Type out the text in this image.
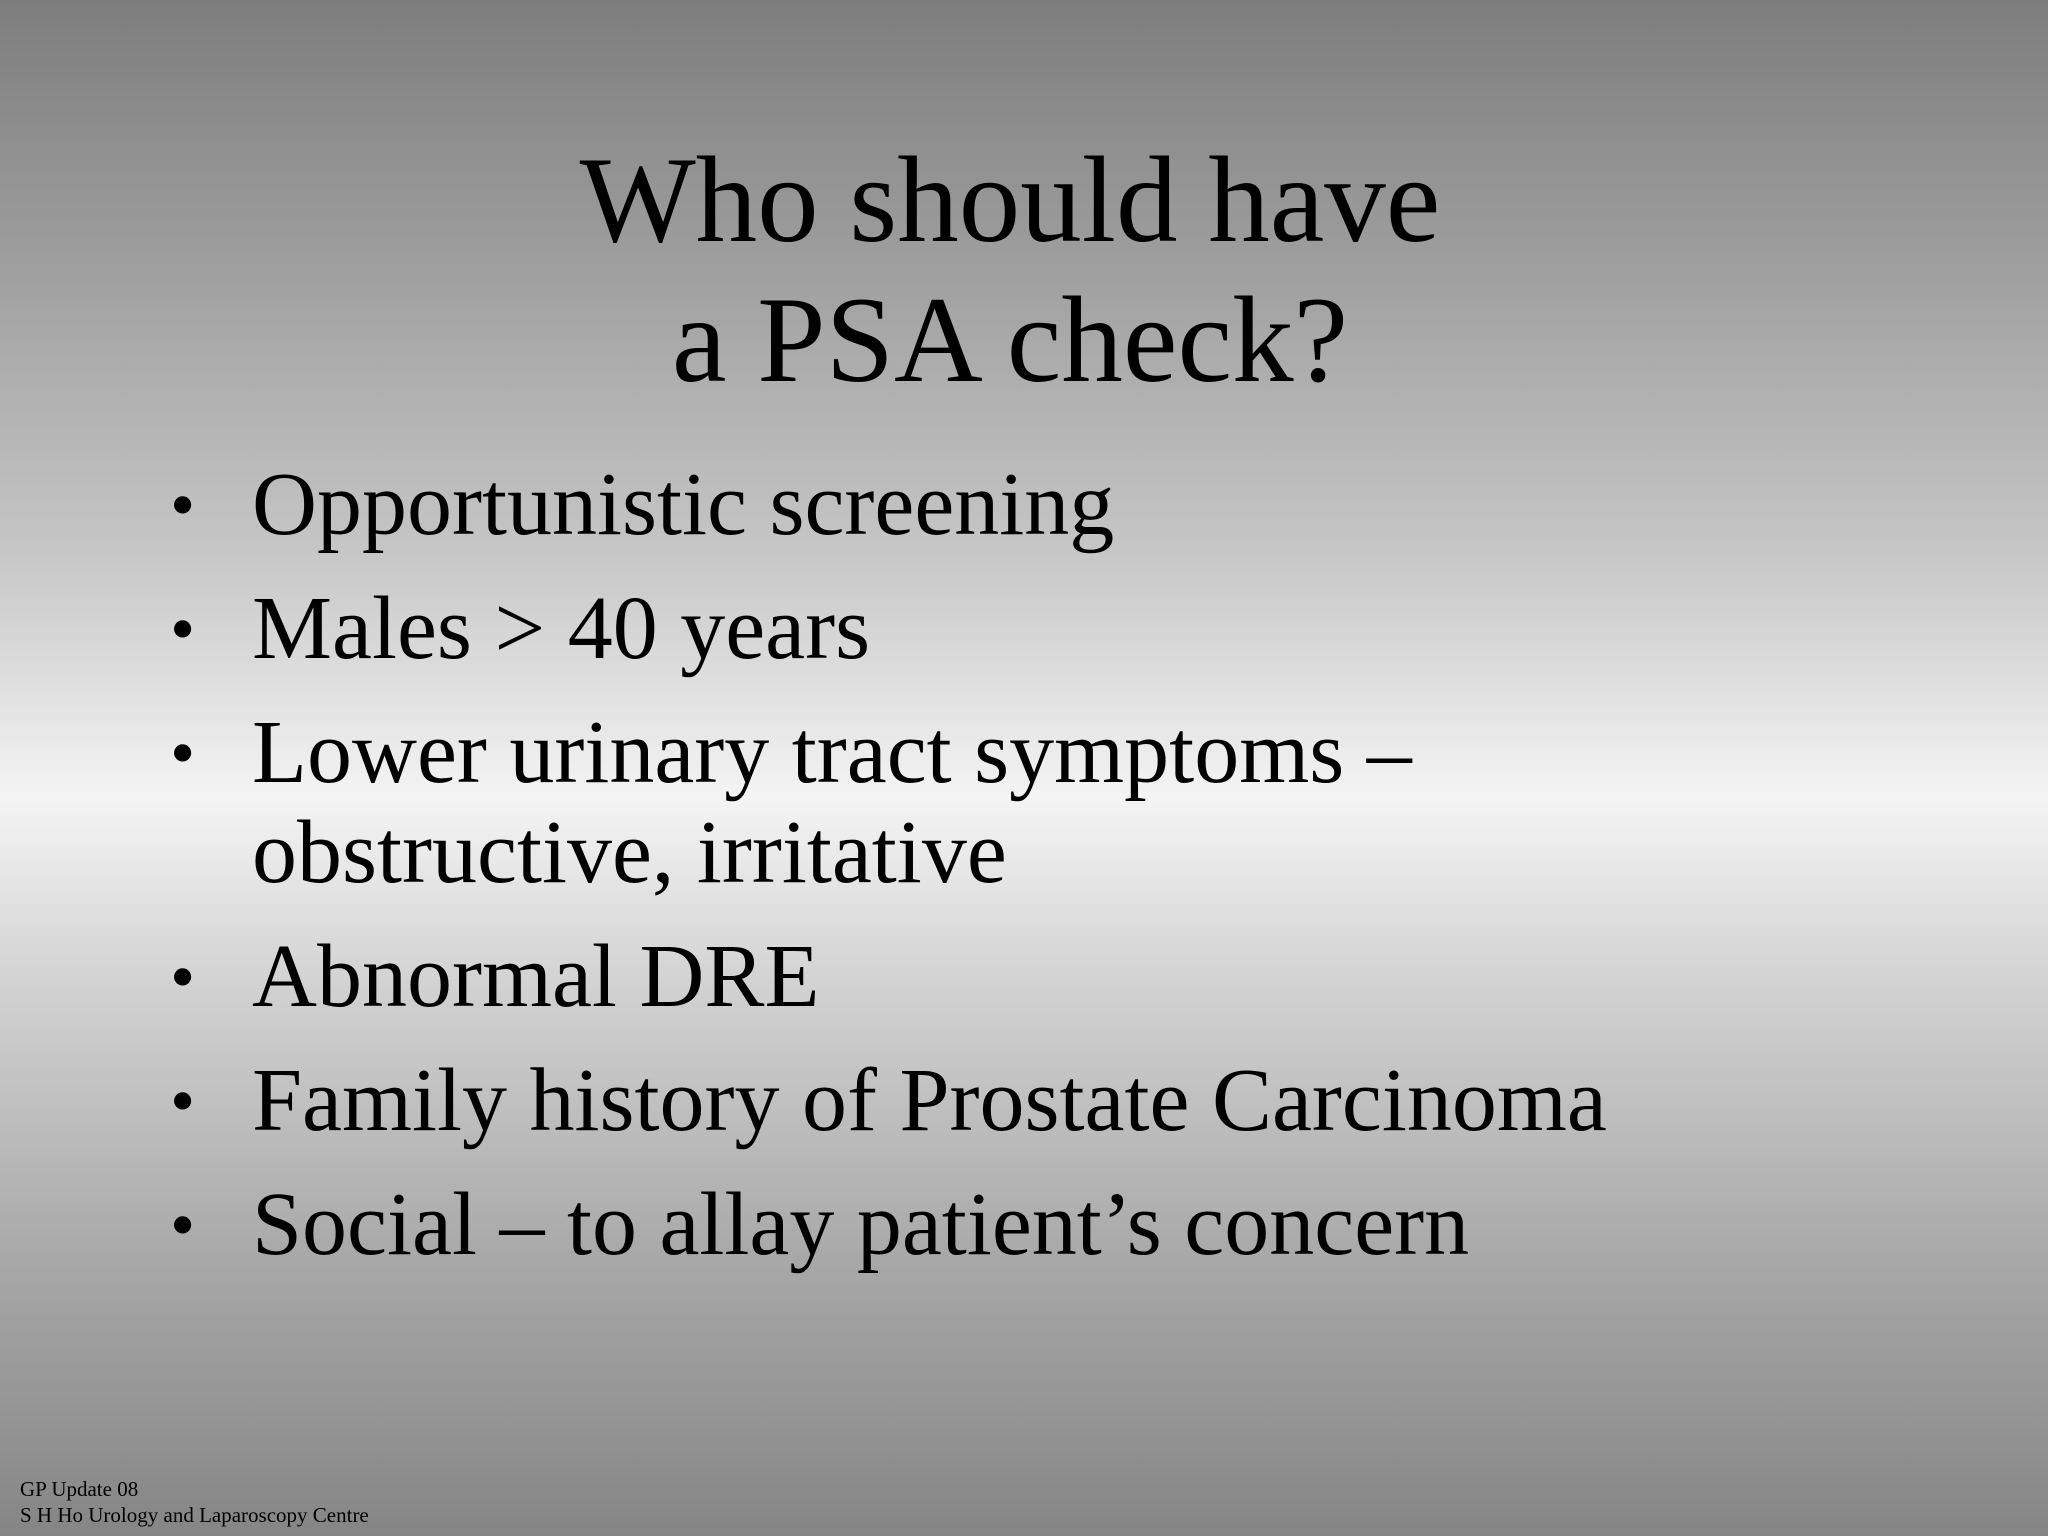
Who should have
a PSA check?
• Opportunistic screening
• Males > 40 years
• Lower urinary tract symptoms –
obstructive, irritative
• Abnormal DRE
• Family history of Prostate Carcinoma
• Social – to allay patient’s concern
GP Update 08
S H Ho Urology and Laparoscopy Centre
